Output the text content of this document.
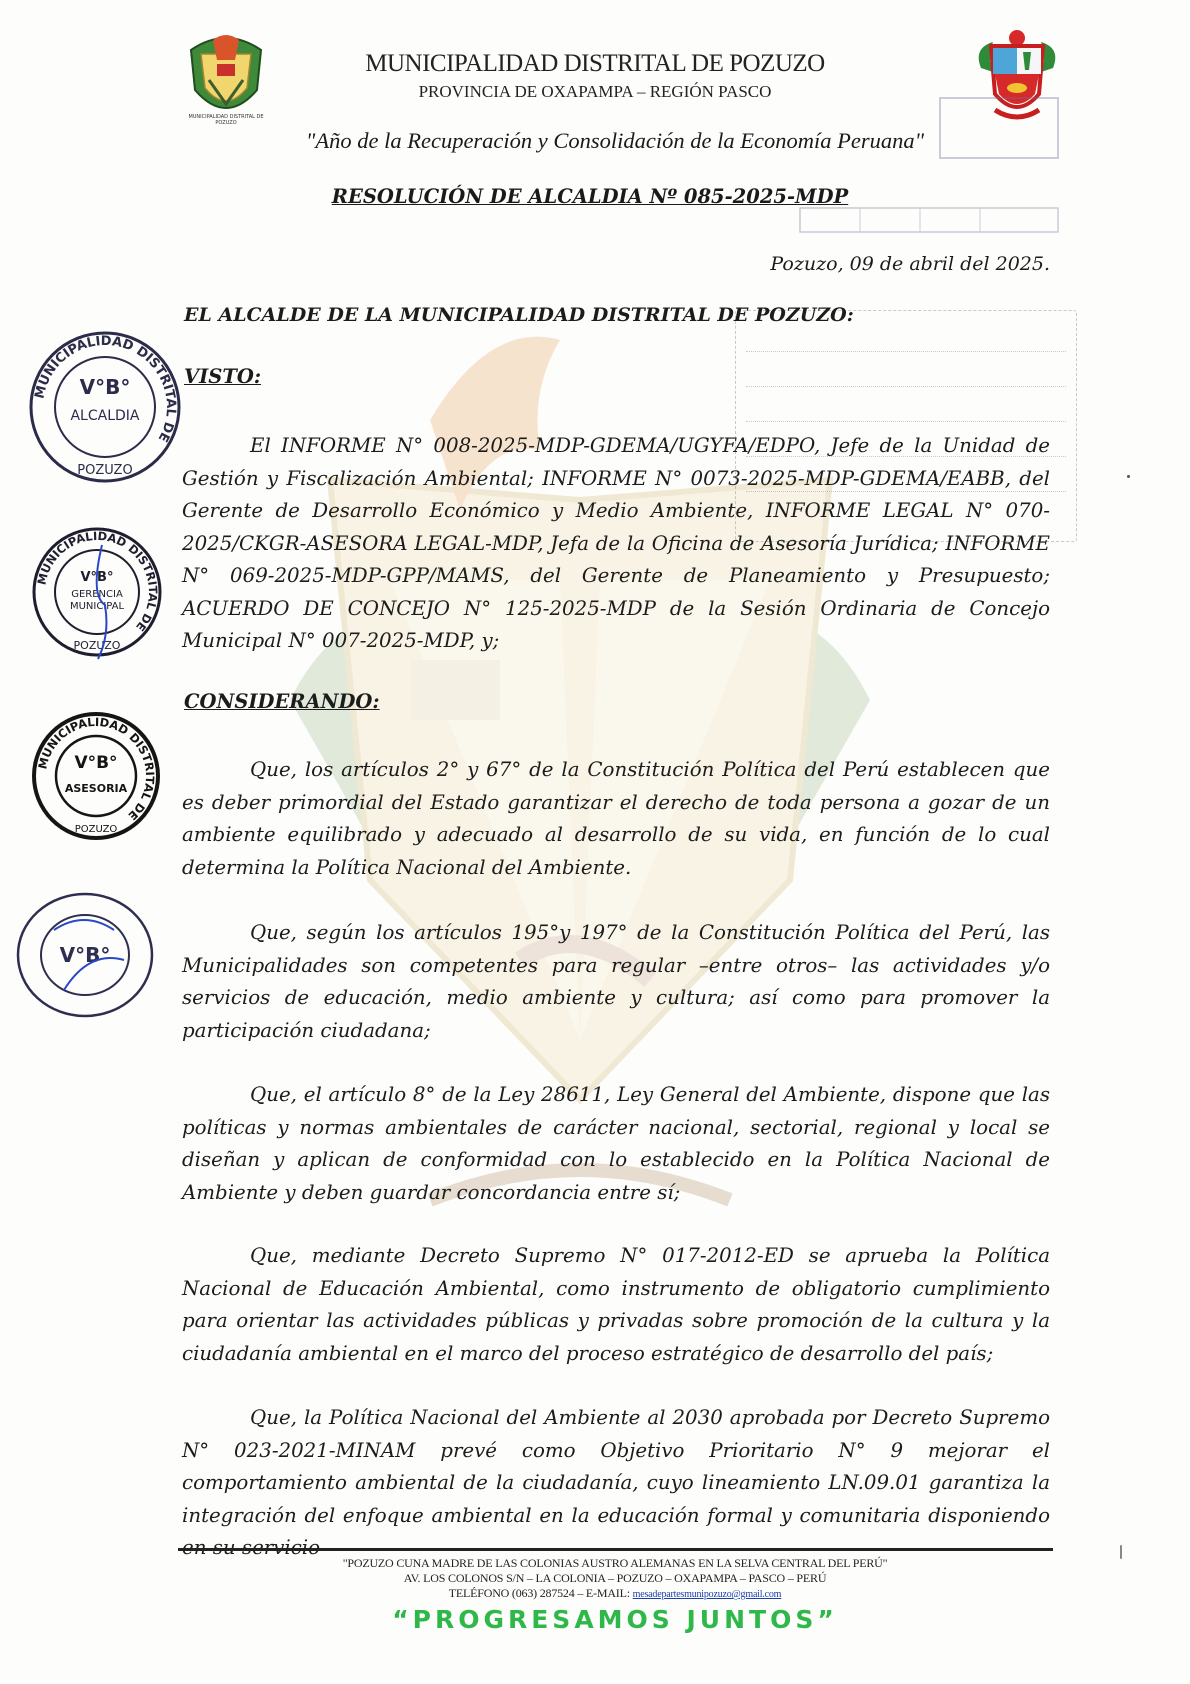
MUNICIPALIDAD DISTRITAL DE POZUZO
MUNICIPALIDAD DISTRITAL DE POZUZO
PROVINCIA DE OXAPAMPA – REGIÓN PASCO
"Año de la Recuperación y Consolidación de la Economía Peruana"
RESOLUCIÓN DE ALCALDIA Nº 085-2025-MDP
Pozuzo, 09 de abril del 2025.
EL ALCALDE DE LA MUNICIPALIDAD DISTRITAL DE POZUZO:
VISTO:
El INFORME N° 008-2025-MDP-GDEMA/UGYFA/EDPO, Jefe de la Unidad de Gestión y Fiscalización Ambiental; INFORME N° 0073-2025-MDP-GDEMA/EABB, del Gerente de Desarrollo Económico y Medio Ambiente, INFORME LEGAL N° 070-2025/CKGR-ASESORA LEGAL-MDP, Jefa de la Oficina de Asesoría Jurídica; INFORME N° 069-2025-MDP-GPP/MAMS, del Gerente de Planeamiento y Presupuesto; ACUERDO DE CONCEJO N° 125-2025-MDP de la Sesión Ordinaria de Concejo Municipal N° 007-2025-MDP, y;
CONSIDERANDO:
Que, los artículos 2° y 67° de la Constitución Política del Perú establecen que es deber primordial del Estado garantizar el derecho de toda persona a gozar de un ambiente equilibrado y adecuado al desarrollo de su vida, en función de lo cual determina la Política Nacional del Ambiente.
Que, según los artículos 195°y 197° de la Constitución Política del Perú, las Municipalidades son competentes para regular –entre otros– las actividades y/o servicios de educación, medio ambiente y cultura; así como para promover la participación ciudadana;
Que, el artículo 8° de la Ley 28611, Ley General del Ambiente, dispone que las políticas y normas ambientales de carácter nacional, sectorial, regional y local se diseñan y aplican de conformidad con lo establecido en la Política Nacional de Ambiente y deben guardar concordancia entre sí;
Que, mediante Decreto Supremo N° 017-2012-ED se aprueba la Política Nacional de Educación Ambiental, como instrumento de obligatorio cumplimiento para orientar las actividades públicas y privadas sobre promoción de la cultura y la ciudadanía ambiental en el marco del proceso estratégico de desarrollo del país;
Que, la Política Nacional del Ambiente al 2030 aprobada por Decreto Supremo N° 023-2021-MINAM prevé como Objetivo Prioritario N° 9 mejorar el comportamiento ambiental de la ciudadanía, cuyo lineamiento LN.09.01 garantiza la integración del enfoque ambiental en la educación formal y comunitaria disponiendo en su servicio
MUNICIPALIDAD DISTRITAL DE
V°B°
ALCALDIA
POZUZO
MUNICIPALIDAD DISTRITAL DE
V°B°
GERENCIA
MUNICIPAL
POZUZO
MUNICIPALIDAD DISTRITAL DE
V°B°
ASESORIA
POZUZO
V°B°
"POZUZO CUNA MADRE DE LAS COLONIAS AUSTRO ALEMANAS EN LA SELVA CENTRAL DEL PERÚ"
AV. LOS COLONOS S/N – LA COLONIA – POZUZO – OXAPAMPA – PASCO – PERÚ
TELÉFONO (063) 287524 – E-MAIL: mesadepartesmunipozuzo@gmail.com
“PROGRESAMOS JUNTOS”
